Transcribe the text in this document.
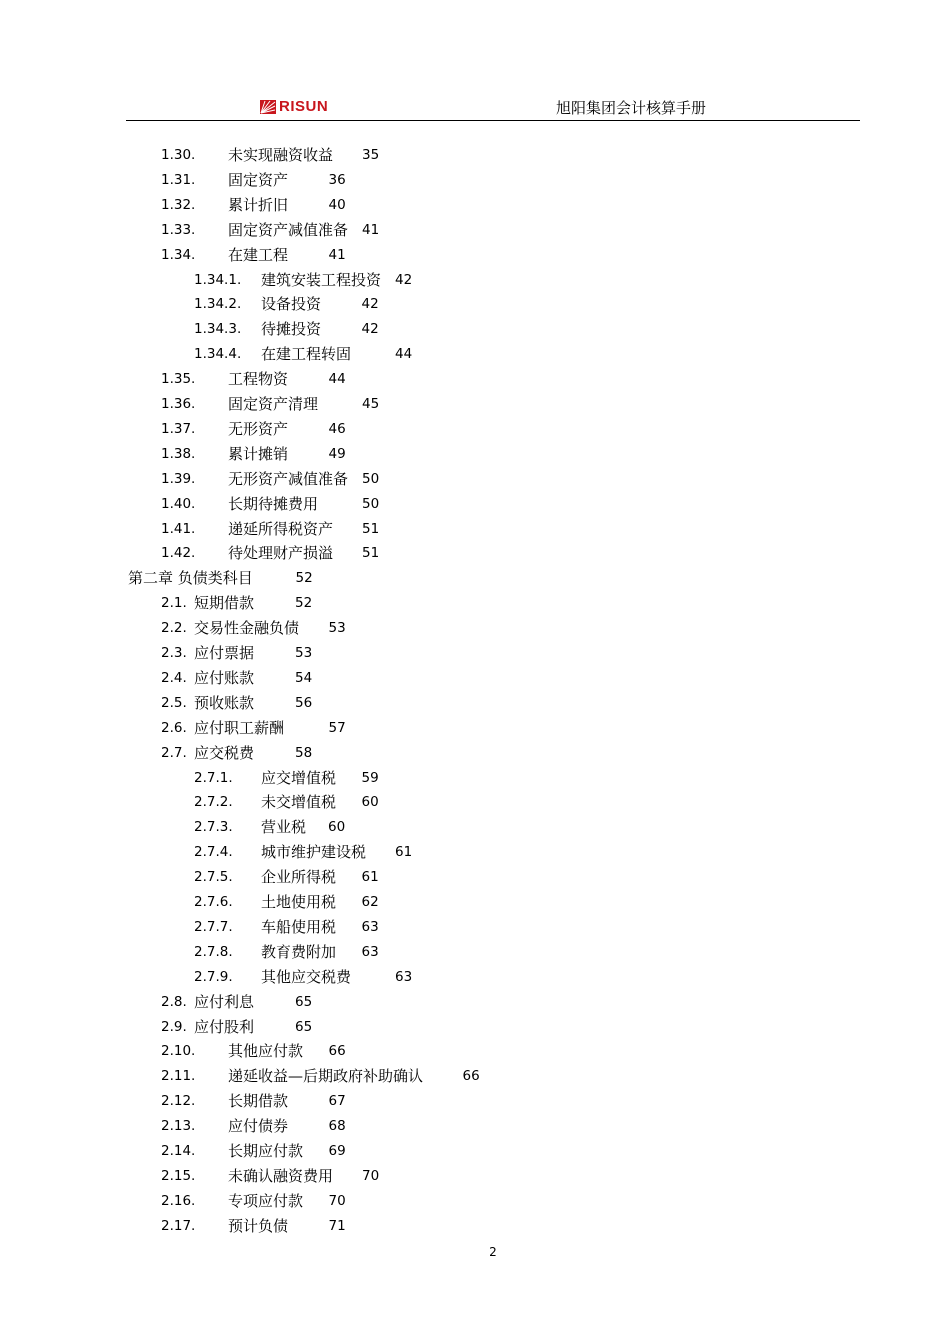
RISUN	旭阳集团会计核算手册
1.30. 未实现融资收益 35
1.31. 固定资产	36
1.32. 累计折旧	40
1.33. 固定资产减值准备 41
1.34. 在建工程	41
1.34.1. 建筑安装工程投资 42
1.34.2. 设备投资	42
1.34.3. 待摊投资	42
1.34.4. 在建工程转固	44
1.35. 工程物资	44
1.36. 固定资产清理	45
1.37. 无形资产	46
1.38. 累计摊销	49
1.39. 无形资产减值准备 50
1.40. 长期待摊费用	50
1.41. 递延所得税资产 51
1.42. 待处理财产损溢 51
第二章 负债类科目	52
2.1. 短期借款	52
2.2. 交易性金融负债 53
2.3. 应付票据	53
2.4. 应付账款	54
2.5. 预收账款	56
2.6. 应付职工薪酬	57
2.7. 应交税费	58
2.7.1. 应交增值税 59
2.7.2. 未交增值税 60
2.7.3. 营业税 60
2.7.4. 城市维护建设税 61
2.7.5. 企业所得税 61
2.7.6. 土地使用税 62
2.7.7. 车船使用税 63
2.7.8. 教育费附加 63
2.7.9. 其他应交税费	63
2.8. 应付利息	65
2.9. 应付股利	65
2.10. 其他应付款 66
2.11. 递延收益—后期政府补助确认	66
2.12. 长期借款	67
2.13. 应付债券	68
2.14. 长期应付款 69
2.15. 未确认融资费用 70
2.16. 专项应付款 70
2.17. 预计负债	71
2
